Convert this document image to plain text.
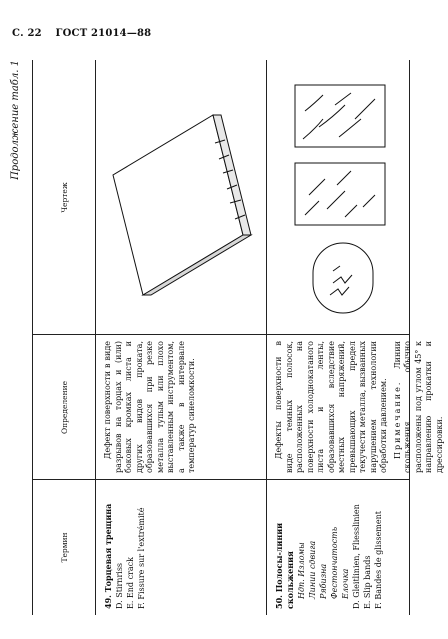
С. 22 ГОСТ 21014—88
Продолжение табл. 1
Термин
Определение
Чертеж
49. Торцевая трещина D. Stirnriss E. End crack F. Fissure sur l'extrémité

Дефект поверхности в виде разрывов на торцах и (или) боковых кромках листа и других видов проката, образовавшихся при резке металла тупым или плохо выставленным инструментом, а также в интервале температур синеломкости.

50. Полосы-линии скольжения Ндп. Изломы Линии сдвига Рябизна Фестончатость Елочка D. Gleitlinien, Fliesslinien E. Slip bands F. Bandes de glissement

Дефекты поверхности в виде темных полосок, расположенных на поверхности холоднокатаного листа и ленты, образовавшихся вследствие местных напряжений, превышающих предел текучести металла, вызванных нарушением технологии обработки давлением. Примечание. Линии скольжения обычно расположены под углом 45° к направлению прокатки и дрессировки.
